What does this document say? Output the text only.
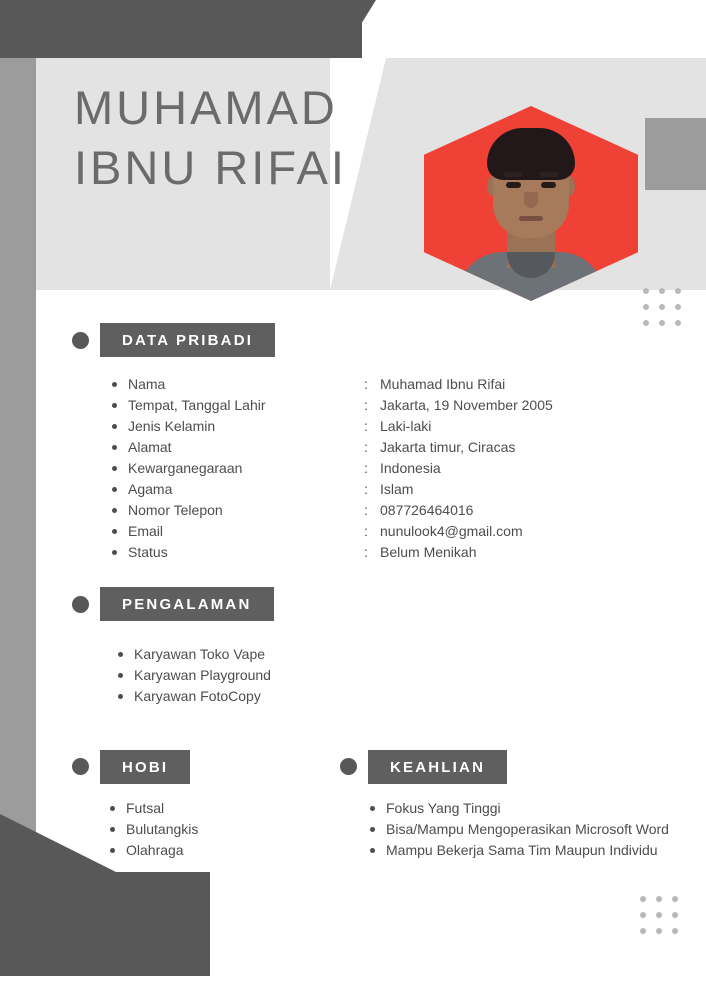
MUHAMAD
IBNU RIFAI
DATA PRIBADI
Nama
Tempat, Tanggal Lahir
Jenis Kelamin
Alamat
Kewarganegaraan
Agama
Nomor Telepon
Email
Status
: Muhamad Ibnu Rifai
: Jakarta, 19 November 2005
: Laki-laki
: Jakarta timur, Ciracas
: Indonesia
: Islam
: 087726464016
: nunulook4@gmail.com
: Belum Menikah
PENGALAMAN
Karyawan Toko Vape
Karyawan Playground
Karyawan FotoCopy
HOBI
Futsal
Bulutangkis
Olahraga
KEAHLIAN
Fokus Yang Tinggi
Bisa/Mampu Mengoperasikan Microsoft Word
Mampu Bekerja Sama Tim Maupun Individu
